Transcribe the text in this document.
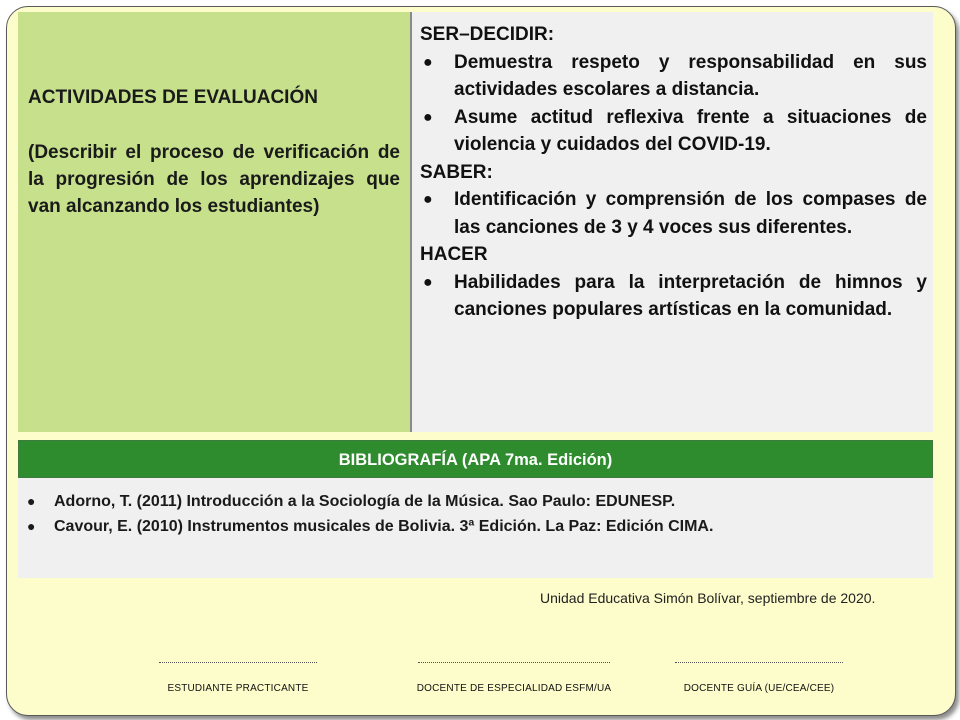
ACTIVIDADES DE EVALUACIÓN
(Describir el proceso de verificación de la progresión de los aprendizajes que van alcanzando los estudiantes)
SER–DECIDIR:
●	Demuestra respeto y responsabilidad en sus actividades escolares a distancia.
●	Asume actitud reflexiva frente a situaciones de violencia y cuidados del COVID-19.
SABER:
●	Identificación y comprensión de los compases de las canciones de 3 y 4 voces sus diferentes.
HACER
●	Habilidades para la interpretación de himnos y canciones populares artísticas en la comunidad.
BIBLIOGRAFÍA (APA 7ma. Edición)
●	Adorno, T. (2011) Introducción a la Sociología de la Música. Sao Paulo: EDUNESP.
●	Cavour, E. (2010) Instrumentos musicales de Bolivia. 3ª Edición. La Paz: Edición CIMA.
Unidad Educativa Simón Bolívar, septiembre de 2020.
ESTUDIANTE PRACTICANTE	DOCENTE DE ESPECIALIDAD ESFM/UA	DOCENTE GUÍA (UE/CEA/CEE)
